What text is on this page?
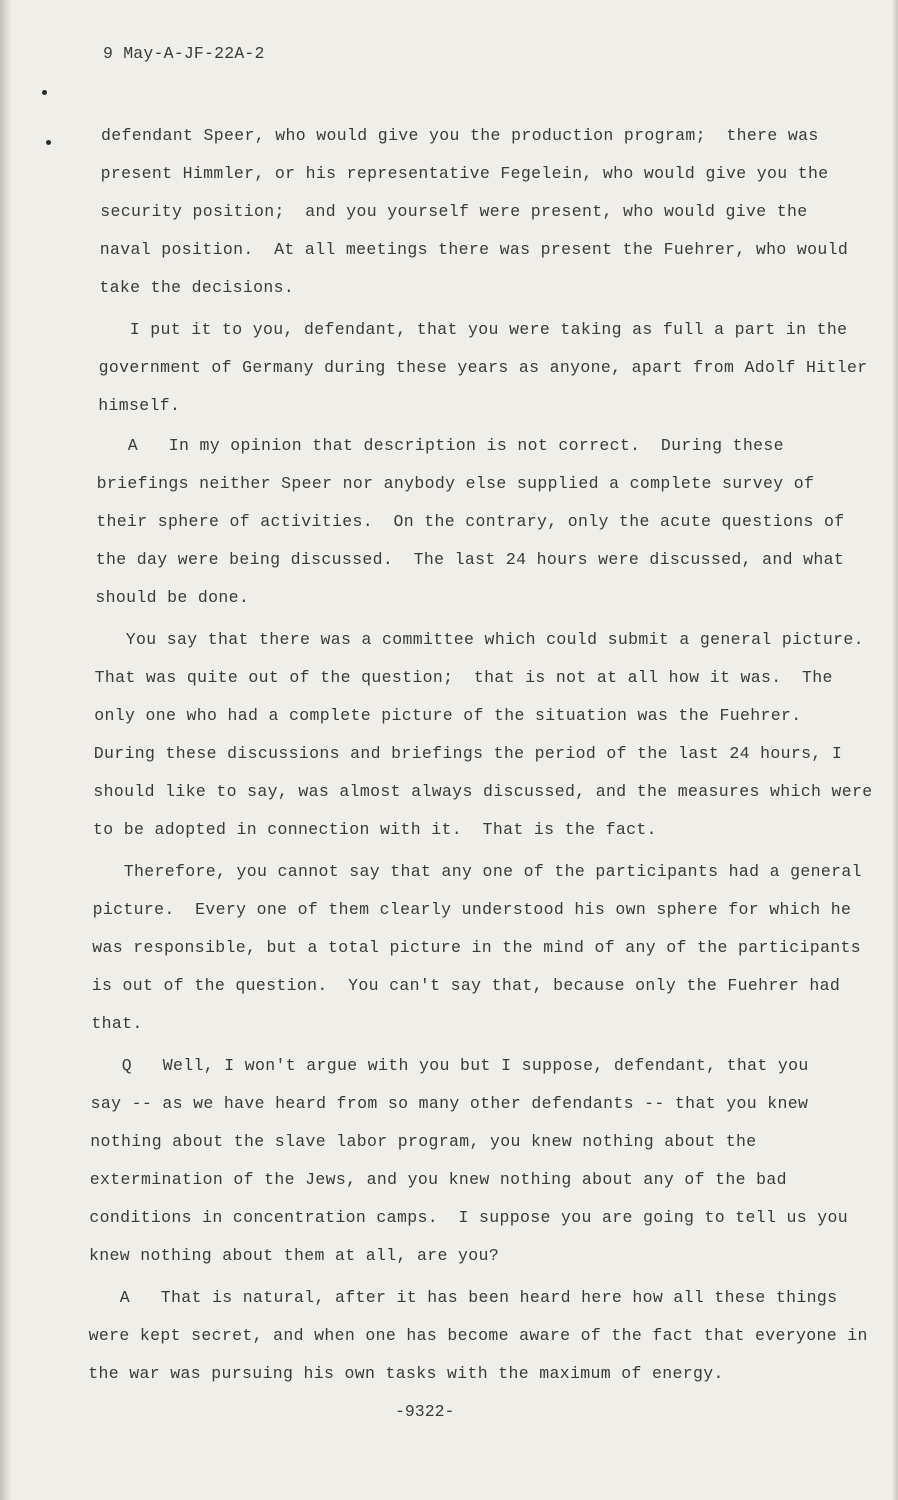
9 May-A-JF-22A-2
defendant Speer, who would give you the production program;  there was
present Himmler, or his representative Fegelein, who would give you the
security position;  and you yourself were present, who would give the
naval position.  At all meetings there was present the Fuehrer, who would
take the decisions.
I put it to you, defendant, that you were taking as full a part in the
government of Germany during these years as anyone, apart from Adolf Hitler
himself.
A   In my opinion that description is not correct.  During these
briefings neither Speer nor anybody else supplied a complete survey of
their sphere of activities.  On the contrary, only the acute questions of
the day were being discussed.  The last 24 hours were discussed, and what
should be done.
You say that there was a committee which could submit a general picture.
That was quite out of the question;  that is not at all how it was.  The
only one who had a complete picture of the situation was the Fuehrer.
During these discussions and briefings the period of the last 24 hours, I
should like to say, was almost always discussed, and the measures which were
to be adopted in connection with it.  That is the fact.
Therefore, you cannot say that any one of the participants had a general
picture.  Every one of them clearly understood his own sphere for which he
was responsible, but a total picture in the mind of any of the participants
is out of the question.  You can't say that, because only the Fuehrer had
that.
Q   Well, I won't argue with you but I suppose, defendant, that you
say -- as we have heard from so many other defendants -- that you knew
nothing about the slave labor program, you knew nothing about the
extermination of the Jews, and you knew nothing about any of the bad
conditions in concentration camps.  I suppose you are going to tell us you
knew nothing about them at all, are you?
A   That is natural, after it has been heard here how all these things
were kept secret, and when one has become aware of the fact that everyone in
the war was pursuing his own tasks with the maximum of energy.
-9322-
